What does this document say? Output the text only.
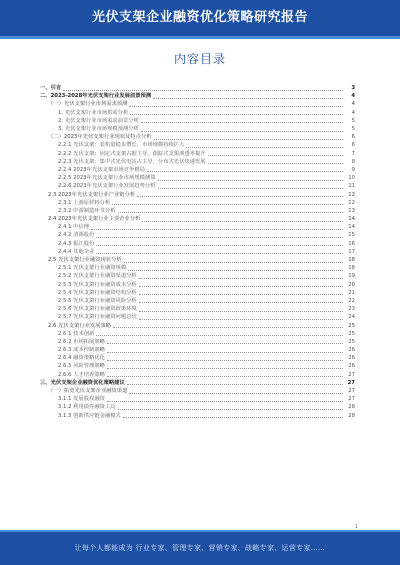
光伏支架企业融资优化策略研究报告
内容目录
一、引言	3
二、2023-2028年光伏支架行业发展前景预测	4
（一）光伏支架行业市场需求预测	4
1. 光伏支架行业市场供需分析	4
2. 光伏支架行业市场需求前景分析	5
3. 光伏支架行业市场规模预测分析	5
（二）2023年光伏支架行业现状及特点分析	6
2.2.1 光伏支架：装机量稳步增长，市场规模持续扩大	6
2.2.2 光伏支架：固定式支架占据主导，跟踪式支架渗透率提升	7
2.2.3 光伏支架：集中式光伏电站占主导，分布式光伏快速发展	8
2.2.4 2023年光伏支架市场竞争格局	9
2.2.5 2023年光伏支架行业市场规模测算	10
2.2.6 2023年光伏支架行业发展趋势分析	11
2.3 2023年光伏支架行业产业链分析	12
2.3.1 上游原材料分析	12
2.3.2 中游制造环节分析	13
2.4 2023年光伏支架行业主要企业分析	14
2.4.1 中信博	14
2.4.2 清源股份	15
2.4.3 振江股份	16
2.4.4 其他企业	17
2.5 光伏支架行业融资现状分析	18
2.5.1 光伏支架行业融资规模	18
2.5.2 光伏支架行业融资渠道分析	19
2.5.3 光伏支架行业融资成本分析	20
2.5.4 光伏支架行业融资结构分析	21
2.5.5 光伏支架行业融资风险分析	22
2.5.6 光伏支架行业融资政策环境	23
2.5.7 光伏支架行业融资问题总结	24
2.6 光伏支架行业发展策略	25
2.6.1 技术创新	25
2.6.2 市场拓展策略	25
2.6.3 成本控制策略	26
2.6.4 融资策略优化	26
2.6.5 风险管理策略	26
2.6.6 人才培养策略	27
三、光伏支架企业融资优化策略建议	27
（一）拓宽光伏支架企业融资渠道	27
3.1.1 发展股权融资	27
3.1.2 利用债券融资工具	28
3.1.3 创新供应链金融模式	28
1
让每个人都能成为 行业专家、管理专家、营销专家、战略专家、运营专家……
